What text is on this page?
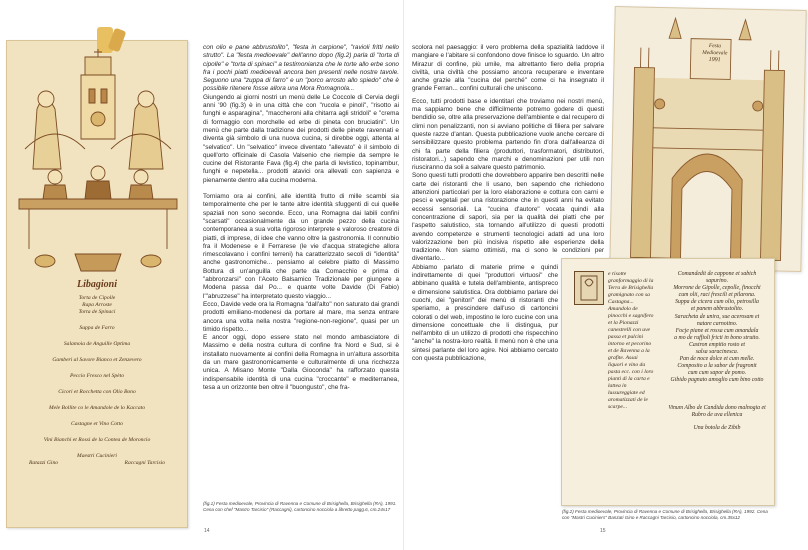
Libagioni
Torta de Cipolle
Rapa Arroste
Torta de Spinaci
Suppa de Farro
Salamoia de Anguille Optima
Gamberi al Savore Bianco et Zenzevero
Peccio Fresco nel Spèto
Cicori et Rocchetta con Olio Bono
Mele Bollite co le Amandole de lo Kaccato
Castagne et Vino Cotto
Vini Bianchi et Rossi de la Contea de Moroncio
Maestri Cucinieri
Ratazzi Gino	Raccagni Tarcisio

con olio e pane abbrustolito", "festa in carpione", "ravioli fritti nello strutto". La "festa medioevale" dell'anno dopo (fig.2) parla di "torta di cipolle" e "torta di spinaci" a testimonianza che le torte allo erbe sono fra i pochi piatti medioevali ancora ben presenti nelle nostre tavole. Seguono una "zuppa di farro" e un "porco arrosto allo spiedo" che è possibile ritenere fosse allora una Mora Romagnola...

Giungendo ai giorni nostri un menù delle Le Coccole di Cervia degli anni '90 (fig.3) è in una città che con "rucola e pinoli", "risotto ai funghi e asparagina", "maccheroni alla chitarra agli stridoli" e "crema di formaggio con morchelle ed erbe di pineta con bruciatini". Un menù che parte dalla tradizione dei prodotti delle pinete ravennati e diventa già simbolo di una nuova cucina, si direbbe oggi, attenta al "selvatico". Un "selvatico" invece diventato "allevato" è il simbolo di quell'orto officinale di Casola Valsenio che riempie da sempre le cucine del Ristorante Fava (fig.4) che parla di levistico, topinambur, funghi e nepetella... prodotti atavici ora allevati con sapienza e pienamente dentro alla cucina moderna.

Torniamo ora ai confini, alle identità frutto di mille scambi sia temporalmente che per le tante altre identità sfuggenti di cui quelle spaziali non sono seconde. Ecco, una Romagna dai labili confini "scarsati" occasionalmente da un grande pezzo della cucina contemporanea a sua volta rigoroso interprete e valoroso creatore di piatti, di imprese, di idee che vanno oltre la gastronomia. Il connubio fra il Modenese e il Ferrarese (le vie d'acqua strategiche allora rimescolavano i confini terreni) ha caratterizzato secoli di "identità" anche gastronomiche... pensiamo al celebre piatto di Massimo Bottura di un'anguilla che parte da Comacchio e prima di "abbronzarsi" con l'Aceto Balsamico Tradizionale per giungere a Modena passa dal Po... e quante volte Davide (Di Fabio) l'"abruzzese" ha interpretato questo viaggio...

Ecco, Davide vede ora la Romagna "dall'alto" non saturato dai grandi prodotti emiliano-modenesi da portare al mare, ma senza entrare ancora una volta nella nostra "regione-non-regione", quasi per un timido rispetto...

E ancor oggi, dopo essere stato nel mondo ambasciatore di Massimo e della nostra cultura di confine fra Nord e Sud, si è installato nuovamente ai confini della Romagna in un'altura assorbita da un mare gastronomicamente e culturalmente di una ricchezza unica. A Misano Monte "Dalla Gioconda" ha rafforzato questa indispensabile identità di una cucina "croccante" e mediterranea, tesa a un orizzonte ben oltre il "buongusto", che fra-

(fig.1) Festa medioevale, Provincia di Ravenna e Comune di Brisighella, Brisighella (RA), 1991. Cena con chef "Mastro Tarcisio" (Raccagni), cartoncino nocciola a libretto pagg.6, cm.24x17
14

scolora nel paesaggio: il vero problema della spazialità laddove il mangiare e l'abitare si confondono dove finisce lo sguardo. Un altro Mirazur di confine, più umile, ma altrettanto fiero della propria civiltà, una civiltà che possiamo ancora recuperare e inventare anche grazie alla "cucina del perché" come ci ha insegnato il grande Ferran... confini culturali che uniscono.

Ecco, tutti prodotti base e identitari che troviamo nei nostri menù, ma sappiamo bene che difficilmente potremo godere di questi bendidio se, oltre alla preservazione dell'ambiente e dal recupero di climi non penalizzanti, non si avviano politiche di filiera per salvare queste razze d'antan. Questa pubblicazione vuole anche cercare di sensibilizzare questo problema partendo fin d'ora dall'alleanza di chi fa parte della filiera (produttori, trasformatori, distributori, ristoratori...) sapendo che marchi e denominazioni per utili non riusciranno da soli a salvare questo patrimonio.

Sono questi tutti prodotti che dovrebbero apparire ben descritti nelle carte dei ristoranti che li usano, ben sapendo che richiedono attenzioni particolari per la loro elaborazione e cottura con carni e pesci e vegetali per una ristorazione che in questi anni ha evitato eccessi sensoriali. La "cucina d'autore" vocata quindi alla concentrazione di sapori, sia per la qualità dei piatti che per l'aspetto salutistico, sta tornando all'utilizzo di questi prodotti avendo competenze e strumenti tecnologici adatti ad una loro valorizzazione ben più incisiva rispetto alle esperienze della tradizione. Non siamo ottimisti, ma ci sono le condizioni per diventarlo...

Abbiamo parlato di materie prime e quindi indirettamente di quei "produttori virtuosi" che abbinano qualità e tutela dell'ambiente, antispreco e dimensione salutistica. Ora dobbiamo parlare dei cuochi, dei "genitori" dei menù di ristoranti che speriamo, a prescindere dall'uso di cartoncini colorati o del web, impostino le loro cucine con una dimensione concettuale che li distingua, pur nell'ambito di un utilizzo di prodotti che rispecchino "anche" la nostra-loro realtà. Il menù non è che una sintesi parlante del loro agire. Noi abbiamo cercato con questa pubblicazione,

Festa
Medioevale
1991
e risotte granformaggio di la Terra de Brisighella gramignato con sa Castagna... Amandolo de pinocchi e sagnifero et la Pionazzi canestrelli con uve passa et pulcini intorno et pecorino et de Ravenna a la grafite. Assai liquori e vino da pasta ecc. con i loro pianti di la carta e lattea in lussureggiate ed aromatizzati de le scarpe...
Comandedit de cappone et sabich
sapurino.
Morrone de Gipolle, cepolle, finocchi
cum olii, raci frescili et pilarona.
Suppa de cicera cum olio, petrosilla
et panem abbrustolito.
Saracheta de unira, sue acerosam et
natare carnotino.
Focje piane et rossa cum amandala
a mo de ruffioli fricti in bono strutto.
Castron empitio rosto et
salsa saracinesca.
Pan de noce dolce et cum melle.
Composito a la sabor de fragronit
cum cum sapor de pomo.
Gibido pagnato amoglio cum bino cotto
Vinum Albo de Candida dono malnogia et
Rubro de uva ellenica
Una botola de Zibib
(fig.2) Festa medioevale, Provincia di Ravenna e Comune di Brisighella, Brisighella (RA), 1992. Cena con "Mastri Cuciniers" Banzati Gino e Raccagni Tarcisio, cartoncino nocciola, cm.35x12
15
